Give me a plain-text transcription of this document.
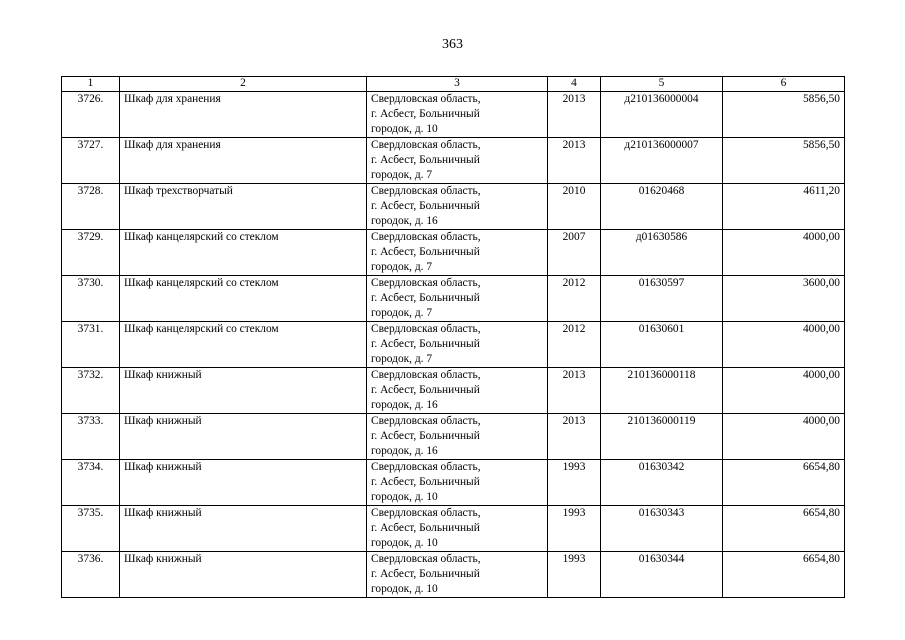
363
1	2	3	4	5	6
3726.	Шкаф для хранения	Свердловская область,
г. Асбест, Больничный
городок, д. 10	2013	д210136000004	5856,50
3727.	Шкаф для хранения	Свердловская область,
г. Асбест, Больничный
городок, д. 7	2013	д210136000007	5856,50
3728.	Шкаф трехстворчатый	Свердловская область,
г. Асбест, Больничный
городок, д. 16	2010	01620468	4611,20
3729.	Шкаф канцелярский со стеклом	Свердловская область,
г. Асбест, Больничный
городок, д. 7	2007	д01630586	4000,00
3730.	Шкаф канцелярский со стеклом	Свердловская область,
г. Асбест, Больничный
городок, д. 7	2012	01630597	3600,00
3731.	Шкаф канцелярский со стеклом	Свердловская область,
г. Асбест, Больничный
городок, д. 7	2012	01630601	4000,00
3732.	Шкаф книжный	Свердловская область,
г. Асбест, Больничный
городок, д. 16	2013	210136000118	4000,00
3733.	Шкаф книжный	Свердловская область,
г. Асбест, Больничный
городок, д. 16	2013	210136000119	4000,00
3734.	Шкаф книжный	Свердловская область,
г. Асбест, Больничный
городок, д. 10	1993	01630342	6654,80
3735.	Шкаф книжный	Свердловская область,
г. Асбест, Больничный
городок, д. 10	1993	01630343	6654,80
3736.	Шкаф книжный	Свердловская область,
г. Асбест, Больничный
городок, д. 10	1993	01630344	6654,80
